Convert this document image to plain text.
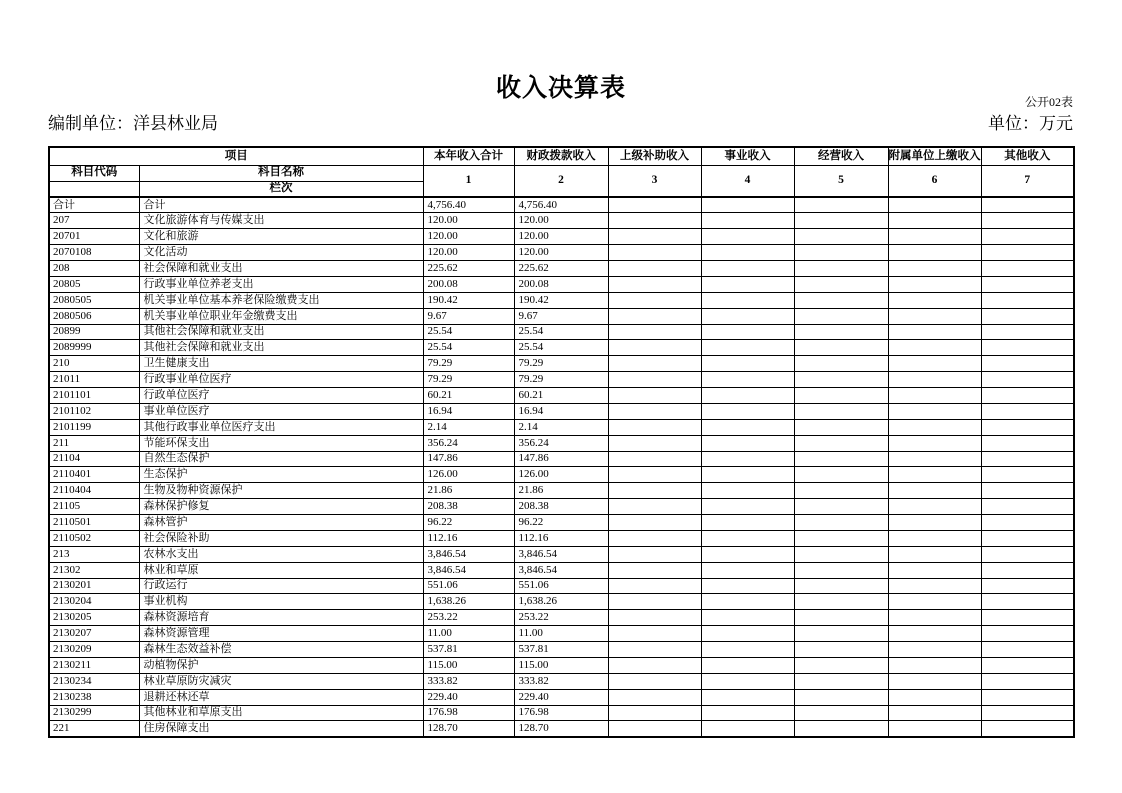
收入决算表	公开02表
编制单位：洋县林业局	单位：万元
项目		本年收入合计	财政拨款收入	上级补助收入	事业收入	经营收入	附属单位上缴收入	其他收入
科目代码	科目名称	1	2	3	4	5	6	7
	栏次							
合计	合计	4,756.40	4,756.40					
207	文化旅游体育与传媒支出	120.00	120.00					
20701	文化和旅游	120.00	120.00					
2070108	文化活动	120.00	120.00					
208	社会保障和就业支出	225.62	225.62					
20805	行政事业单位养老支出	200.08	200.08					
2080505	机关事业单位基本养老保险缴费支出	190.42	190.42					
2080506	机关事业单位职业年金缴费支出	9.67	9.67					
20899	其他社会保障和就业支出	25.54	25.54					
2089999	其他社会保障和就业支出	25.54	25.54					
210	卫生健康支出	79.29	79.29					
21011	行政事业单位医疗	79.29	79.29					
2101101	行政单位医疗	60.21	60.21					
2101102	事业单位医疗	16.94	16.94					
2101199	其他行政事业单位医疗支出	2.14	2.14					
211	节能环保支出	356.24	356.24					
21104	自然生态保护	147.86	147.86					
2110401	生态保护	126.00	126.00					
2110404	生物及物种资源保护	21.86	21.86					
21105	森林保护修复	208.38	208.38					
2110501	森林管护	96.22	96.22					
2110502	社会保险补助	112.16	112.16					
213	农林水支出	3,846.54	3,846.54					
21302	林业和草原	3,846.54	3,846.54					
2130201	行政运行	551.06	551.06					
2130204	事业机构	1,638.26	1,638.26					
2130205	森林资源培育	253.22	253.22					
2130207	森林资源管理	11.00	11.00					
2130209	森林生态效益补偿	537.81	537.81					
2130211	动植物保护	115.00	115.00					
2130234	林业草原防灾减灾	333.82	333.82					
2130238	退耕还林还草	229.40	229.40					
2130299	其他林业和草原支出	176.98	176.98					
221	住房保障支出	128.70	128.70					
